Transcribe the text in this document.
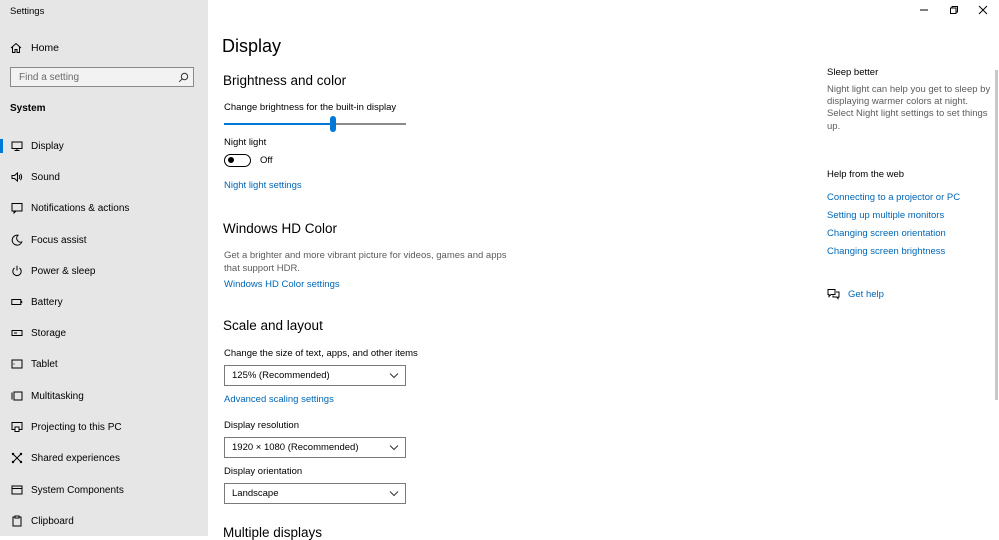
Settings
Home
Find a setting
System
Display
Sound
Notifications & actions
Focus assist
Power & sleep
Battery
Storage
Tablet
Multitasking
Projecting to this PC
Shared experiences
System Components
Clipboard
Display
Brightness and color
Change brightness for the built-in display
Night light
Off
Night light settings
Windows HD Color
Get a brighter and more vibrant picture for videos, games and apps that support HDR.
Windows HD Color settings
Scale and layout
Change the size of text, apps, and other items
125% (Recommended)
Advanced scaling settings
Display resolution
1920 × 1080 (Recommended)
Display orientation
Landscape
Multiple displays
Sleep better
Night light can help you get to sleep by displaying warmer colors at night. Select Night light settings to set things up.
Help from the web
Connecting to a projector or PC
Setting up multiple monitors
Changing screen orientation
Changing screen brightness
Get help
